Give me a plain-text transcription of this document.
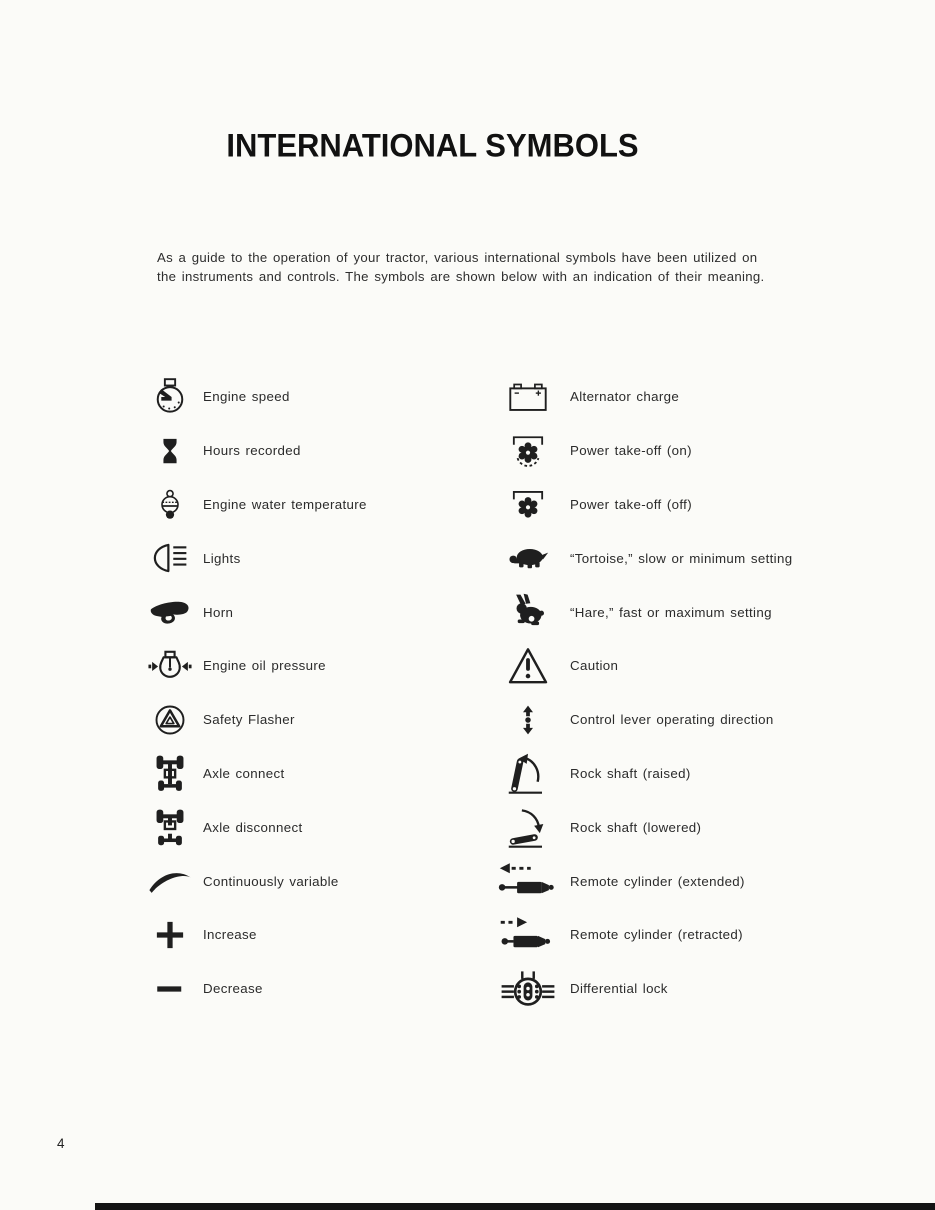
INTERNATIONAL SYMBOLS
As a guide to the operation of your tractor, various international symbols have been utilized on
the instruments and controls. The symbols are shown below with an indication of their meaning.
Engine speed
Hours recorded
Engine water temperature
Lights
Horn
Engine oil pressure
Safety Flasher
Axle connect
Axle disconnect
Continuously variable
Increase
Decrease
Alternator charge
Power take-off (on)
Power take-off (off)
“Tortoise,” slow or minimum setting
“Hare,” fast or maximum setting
Caution
Control lever operating direction
Rock shaft (raised)
Rock shaft (lowered)
Remote cylinder (extended)
Remote cylinder (retracted)
Differential lock
4
